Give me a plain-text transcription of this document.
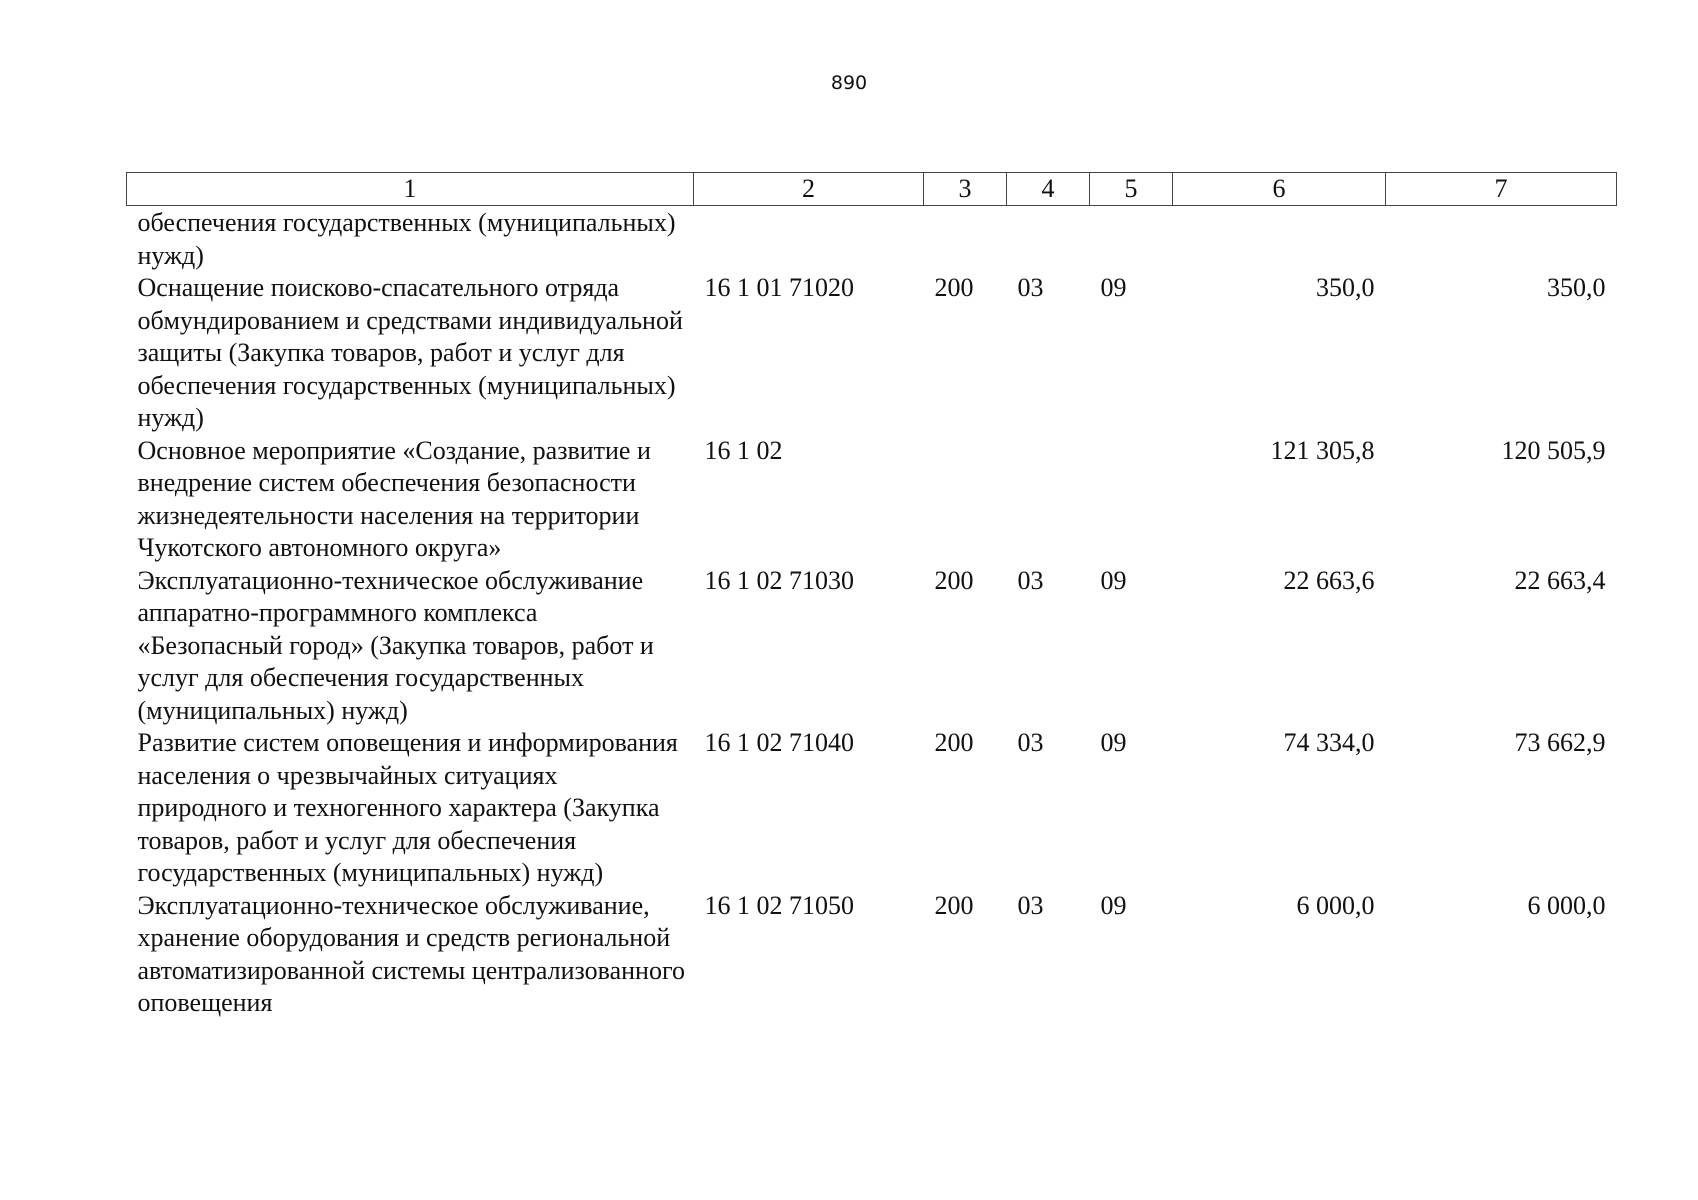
890
1	2	3	4	5	6	7
обеспечения государственных (муниципальных) нужд)						
Оснащение поисково-спасательного отряда обмундированием и средствами индивидуальной защиты (Закупка товаров, работ и услуг для обеспечения государственных (муниципальных) нужд)	16 1 01 71020	200	03	09	350,0	350,0
Основное мероприятие «Создание, развитие и внедрение систем обеспечения безопасности жизнедеятельности населения на территории Чукотского автономного округа»	16 1 02				121 305,8	120 505,9
Эксплуатационно-техническое обслуживание аппаратно-программного комплекса «Безопасный город» (Закупка товаров, работ и услуг для обеспечения государственных (муниципальных) нужд)	16 1 02 71030	200	03	09	22 663,6	22 663,4
Развитие систем оповещения и информирования населения о чрезвычайных ситуациях природного и техногенного характера (Закупка товаров, работ и услуг для обеспечения государственных (муниципальных) нужд)	16 1 02 71040	200	03	09	74 334,0	73 662,9
Эксплуатационно-техническое обслуживание, хранение оборудования и средств региональной автоматизированной системы централизованного оповещения	16 1 02 71050	200	03	09	6 000,0	6 000,0
